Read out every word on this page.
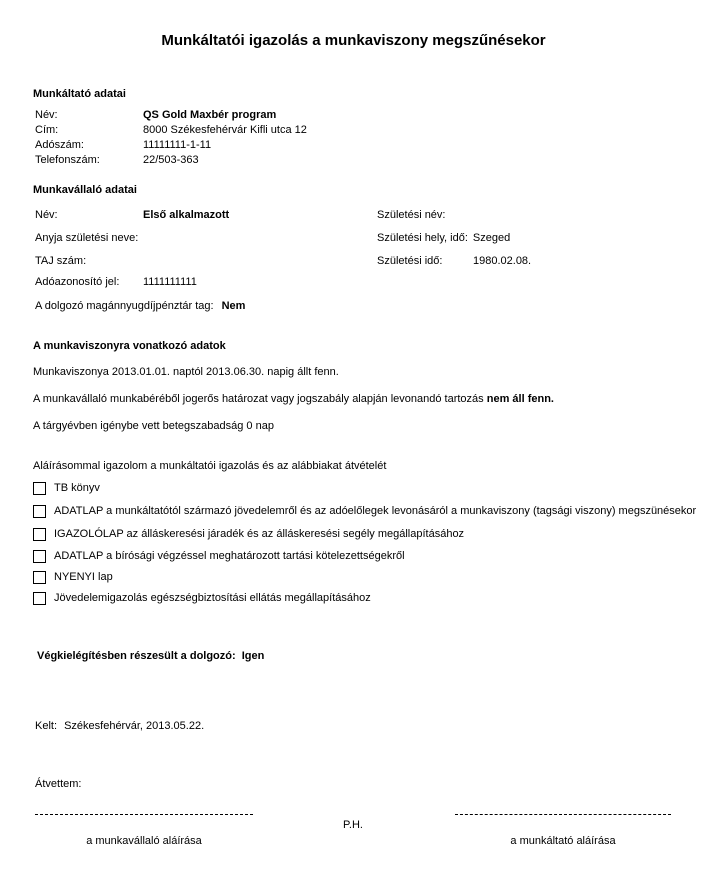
Munkáltatói igazolás a munkaviszony megszűnésekor
Munkáltató adatai
Név:	QS Gold Maxbér program
Cím:	8000 Székesfehérvár Kifli utca 12
Adószám:	11111111-1-11
Telefonszám:	22/503-363
Munkavállaló adatai
Név:	Első alkalmazott	Születési név:
Anyja születési neve:	Születési hely, idő: Szeged
TAJ szám:	Születési idő:	1980.02.08.
Adóazonosító jel: 1111111111
A dolgozó magánnyugdíjpénztár tag: Nem
A munkaviszonyra vonatkozó adatok
Munkaviszonya 2013.01.01. naptól 2013.06.30. napig állt fenn.
A munkavállaló munkabéréből jogerős határozat vagy jogszabály alapján levonandó tartozás nem áll fenn.
A tárgyévben igénybe vett betegszabadság 0 nap
Aláírásommal igazolom a munkáltatói igazolás és az alábbiakat átvételét
TB könyv
ADATLAP a munkáltatótól származó jövedelemről és az adóelőlegek levonásáról a munkaviszony (tagsági viszony) megszünésekor
IGAZOLÓLAP az álláskeresési járadék és az álláskeresési segély megállapításához
ADATLAP a bírósági végzéssel meghatározott tartási kötelezettségekről
NYENYI lap
Jövedelemigazolás egészségbiztosítási ellátás megállapításához
Végkielégítésben részesült a dolgozó: Igen
Kelt: Székesfehérvár, 2013.05.22.
Átvettem:
P.H.
a munkavállaló aláírása	a munkáltató aláírása
